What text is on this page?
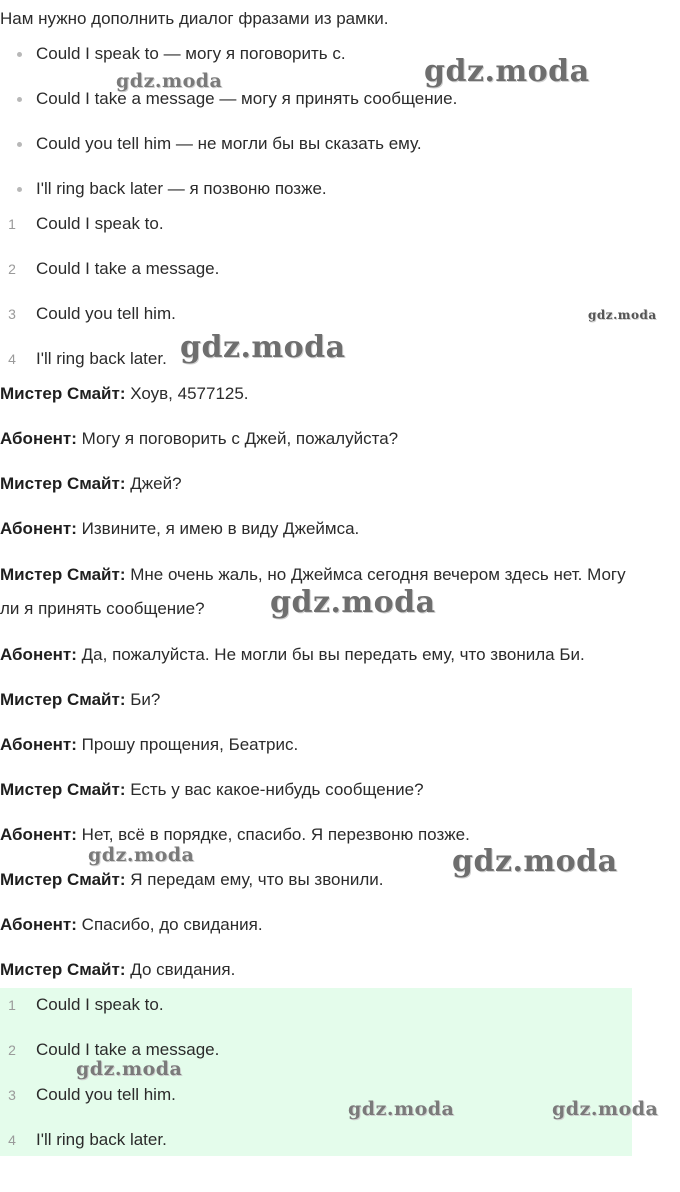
Нам нужно дополнить диалог фразами из рамки.
Could I speak to — могу я поговорить с.
Could I take a message — могу я принять сообщение.
Could you tell him — не могли бы вы сказать ему.
I'll ring back later — я позвоню позже.
1	Could I speak to.
2	Could I take a message.
3	Could you tell him.
4	I'll ring back later.
Мистер Смайт: Хоув, 4577125.
Абонент: Могу я поговорить с Джей, пожалуйста?
Мистер Смайт: Джей?
Абонент: Извините, я имею в виду Джеймса.
Мистер Смайт: Мне очень жаль, но Джеймса сегодня вечером здесь нет. Могу
ли я принять сообщение?
Абонент: Да, пожалуйста. Не могли бы вы передать ему, что звонила Би.
Мистер Смайт: Би?
Абонент: Прошу прощения, Беатрис.
Мистер Смайт: Есть у вас какое-нибудь сообщение?
Абонент: Нет, всё в порядке, спасибо. Я перезвоню позже.
Мистер Смайт: Я передам ему, что вы звонили.
Абонент: Спасибо, до свидания.
Мистер Смайт: До свидания.
1	Could I speak to.
2	Could I take a message.
3	Could you tell him.
4	I'll ring back later.
gdz.moda	gdz.moda
gdz.moda
gdz.moda
gdz.moda
gdz.moda	gdz.moda
gdz.moda
gdz.moda	gdz.moda
